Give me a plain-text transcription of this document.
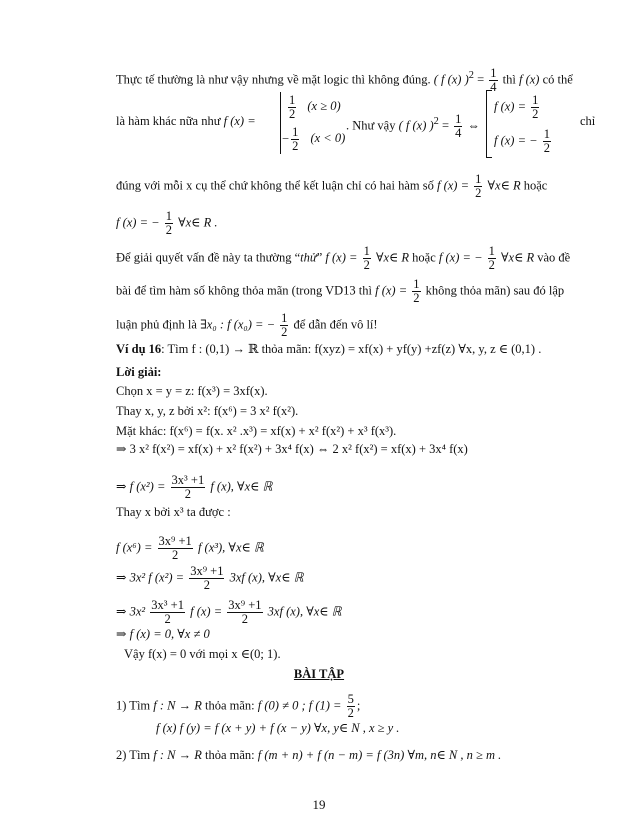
Thực tế thường là như vậy nhưng về mặt logic thì không đúng. ( f (x) )$^2 = \frac{1}{4}$ thì f (x) có thể
là hàm khác nữa như f (x) =	$\frac{1}{2} (x \ge 0)$
− $\frac{1}{2} (x < 0)$
. Như vậy ( f (x) )$^2 = \frac{1}{4}$ ⇔
f $(x) = \frac{1}{2}$
f (x) = − $\frac{1}{2}$
chỉ
đúng với mỗi x cụ thể chứ không thể kết luận chỉ có hai hàm số f $(x) = \frac{1}{2}$ ∀x∈ R hoặc
f (x) = − $\frac{1}{2}$ ∀x∈ R .
Để giải quyết vấn đề này ta thường “thử” f $(x) = \frac{1}{2}$ ∀x∈ R hoặc f (x) = − $\frac{1}{2}$ ∀x∈ R vào đề
bài để tìm hàm số không thỏa mãn (trong VD13 thì f $(x) = \frac{1}{2}$ không thỏa mãn) sau đó lập
luận phủ định là ∃x₀ : f (x₀) = − $\frac{1}{2}$ để dẫn đến vô lí!
Ví dụ 16: Tìm f : (0,1) → ℝ thỏa mãn: f(xyz) = xf(x) + yf(y) +zf(z) ∀x, y, z ∈ (0,1) .
Lời giải:
Chọn x = y = z: f(x³) = 3xf(x).
Thay x, y, z bởi x²: f(x⁶) = 3 x² f(x²).
Mặt khác: f(x⁶) = f(x. x² .x³) = xf(x) + x² f(x²) + x³ f(x³).
⇒ 3 x² f(x²) = xf(x) + x² f(x²) + 3x⁴ f(x) ⇔ 2 x² f(x²) = xf(x) + 3x⁴ f(x)
⇒ f $(x^2) = \frac{\text{3x³ +1}}{2}$ f (x), ∀x∈ ℝ
Thay x bởi x³ ta được :
f $(x^6) = \frac{\text{3x⁹ +1}}{2}$ f (x³), ∀x∈ ℝ
⇒ 3x² f $(x^2) = \frac{\text{3x⁹ +1}}{2} 3xf$ (x), ∀x∈ ℝ
⇒ $3x^2 \frac{\text{3x³ +1}}{2}$ f $(x) = \frac{\text{3x⁹ +1}}{2} 3xf$ (x), ∀x∈ ℝ
⇒ f (x) = 0, ∀x ≠ 0
Vậy f(x) = 0 với mọi x ∈(0; 1).
BÀI TẬP
1) Tìm f : N → R thỏa mãn: f (0) ≠ 0 ; f $(1) = \frac{5}{2}$ ;
f (x) f (y) = f (x + y) + f (x − y) ∀x, y∈ N , x ≥ y .
2) Tìm f : N → R thỏa mãn: f (m + n) + f (n − m) = f (3n) ∀m, n∈ N , n ≥ m .
19
